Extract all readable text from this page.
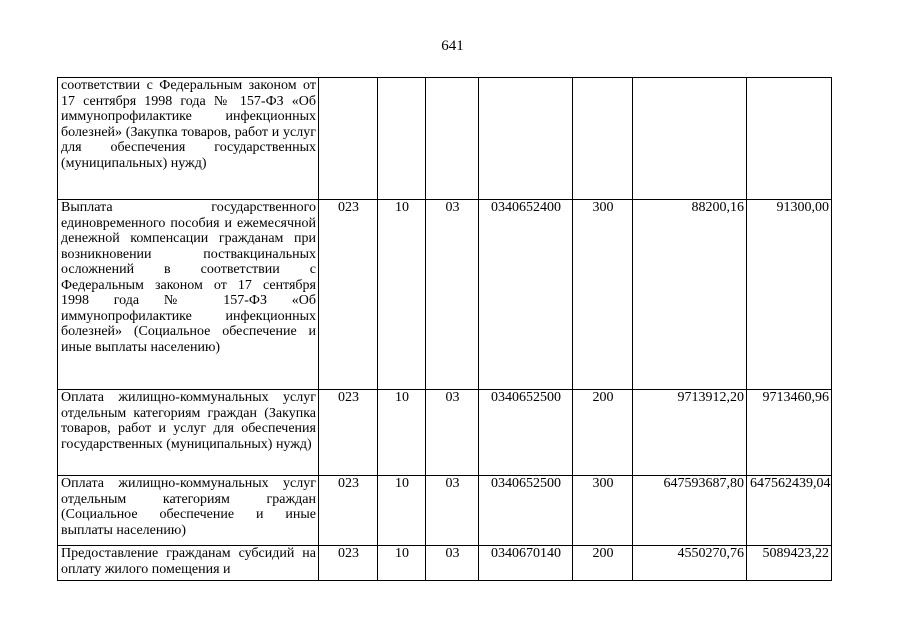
641
соответствии с Федеральным законом от 17 сентября 1998 года № 157-ФЗ «Об иммунопрофилактике инфекционных болезней» (Закупка товаров, работ и услуг для обеспечения государственных (муниципальных) нужд)							
Выплата государственного единовременного пособия и ежемесячной денежной компенсации гражданам при возникновении поствакцинальных осложнений в соответствии с Федеральным законом от 17 сентября 1998 года № 157-ФЗ «Об иммунопрофилактике инфекционных болезней» (Социальное обеспечение и иные выплаты населению)	023	10	03	0340652400	300	88200,16	91300,00
Оплата жилищно-коммунальных услуг отдельным категориям граждан (Закупка товаров, работ и услуг для обеспечения государственных (муниципальных) нужд)	023	10	03	0340652500	200	9713912,20	9713460,96
Оплата жилищно-коммунальных услуг отдельным категориям граждан (Социальное обеспечение и иные выплаты населению)	023	10	03	0340652500	300	647593687,80	647562439,04
Предоставление гражданам субсидий на оплату жилого помещения и	023	10	03	0340670140	200	4550270,76	5089423,22
